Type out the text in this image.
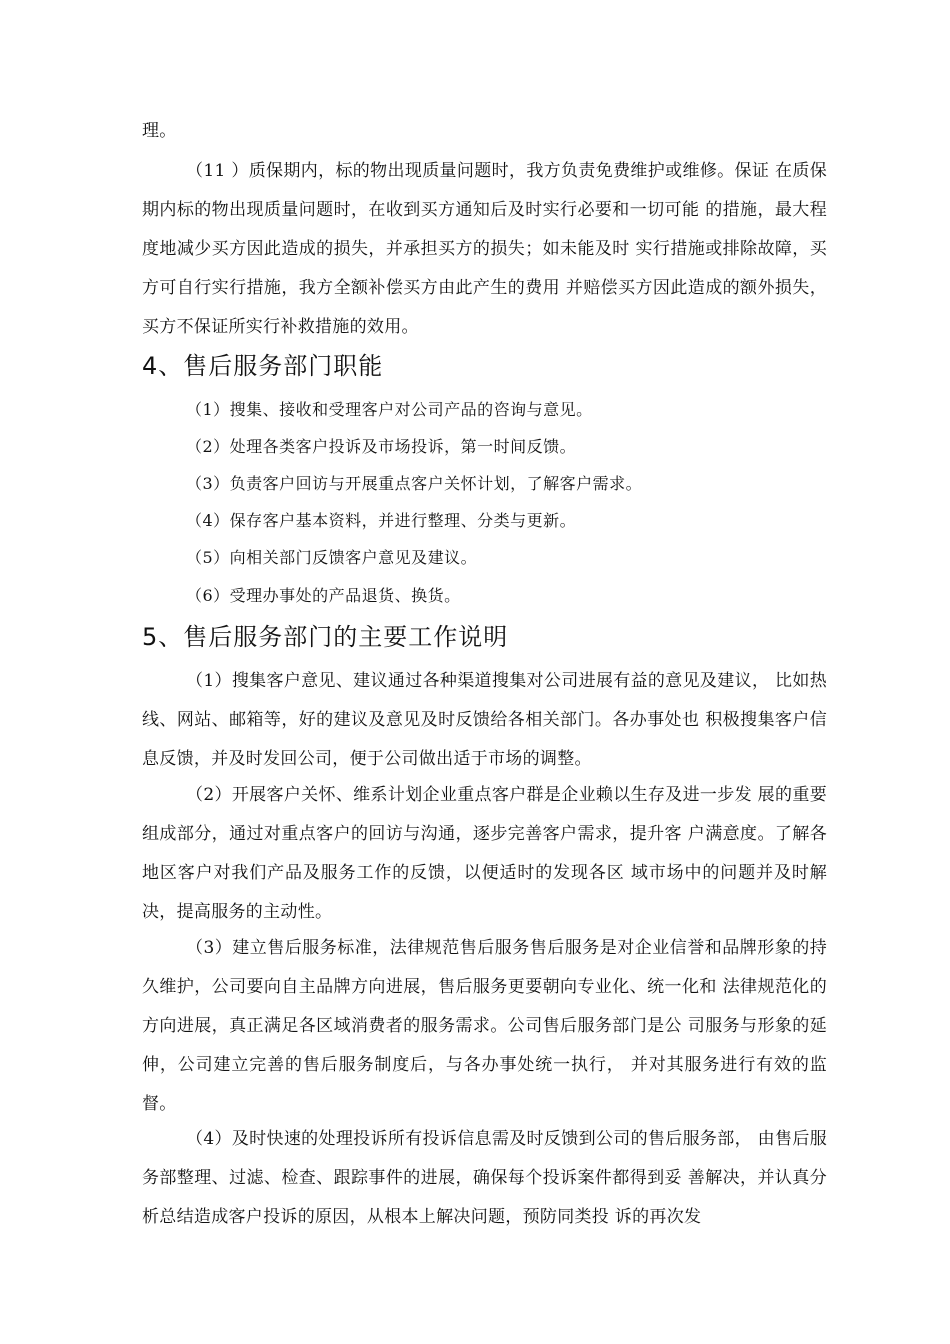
理。

（11 ）质保期内，标的物出现质量问题时，我方负责免费维护或维修。保证 在质保期内标的物出现质量问题时，在收到买方通知后及时实行必要和一切可能 的措施，最大程度地减少买方因此造成的损失，并承担买方的损失；如未能及时 实行措施或排除故障，买方可自行实行措施，我方全额补偿买方由此产生的费用 并赔偿买方因此造成的额外损失，买方不保证所实行补救措施的效用。

4、售后服务部门职能

（1）搜集、接收和受理客户对公司产品的咨询与意见。

（2）处理各类客户投诉及市场投诉，第一时间反馈。

（3）负责客户回访与开展重点客户关怀计划，了解客户需求。

（4）保存客户基本资料，并进行整理、分类与更新。

（5）向相关部门反馈客户意见及建议。

（6）受理办事处的产品退货、换货。

5、售后服务部门的主要工作说明

（1）搜集客户意见、建议通过各种渠道搜集对公司进展有益的意见及建议， 比如热线、网站、邮箱等，好的建议及意见及时反馈给各相关部门。各办事处也 积极搜集客户信息反馈，并及时发回公司，便于公司做出适于市场的调整。

（2）开展客户关怀、维系计划企业重点客户群是企业赖以生存及进一步发 展的重要组成部分，通过对重点客户的回访与沟通，逐步完善客户需求，提升客 户满意度。了解各地区客户对我们产品及服务工作的反馈，以便适时的发现各区 域市场中的问题并及时解决，提高服务的主动性。

（3）建立售后服务标准，法律规范售后服务售后服务是对企业信誉和品牌形象的持久维护，公司要向自主品牌方向进展，售后服务更要朝向专业化、统一化和 法律规范化的方向进展，真正满足各区域消费者的服务需求。公司售后服务部门是公 司服务与形象的延伸，公司建立完善的售后服务制度后，与各办事处统一执行， 并对其服务进行有效的监督。

（4）及时快速的处理投诉所有投诉信息需及时反馈到公司的售后服务部， 由售后服务部整理、过滤、检查、跟踪事件的进展，确保每个投诉案件都得到妥 善解决，并认真分析总结造成客户投诉的原因，从根本上解决问题，预防同类投 诉的再次发
